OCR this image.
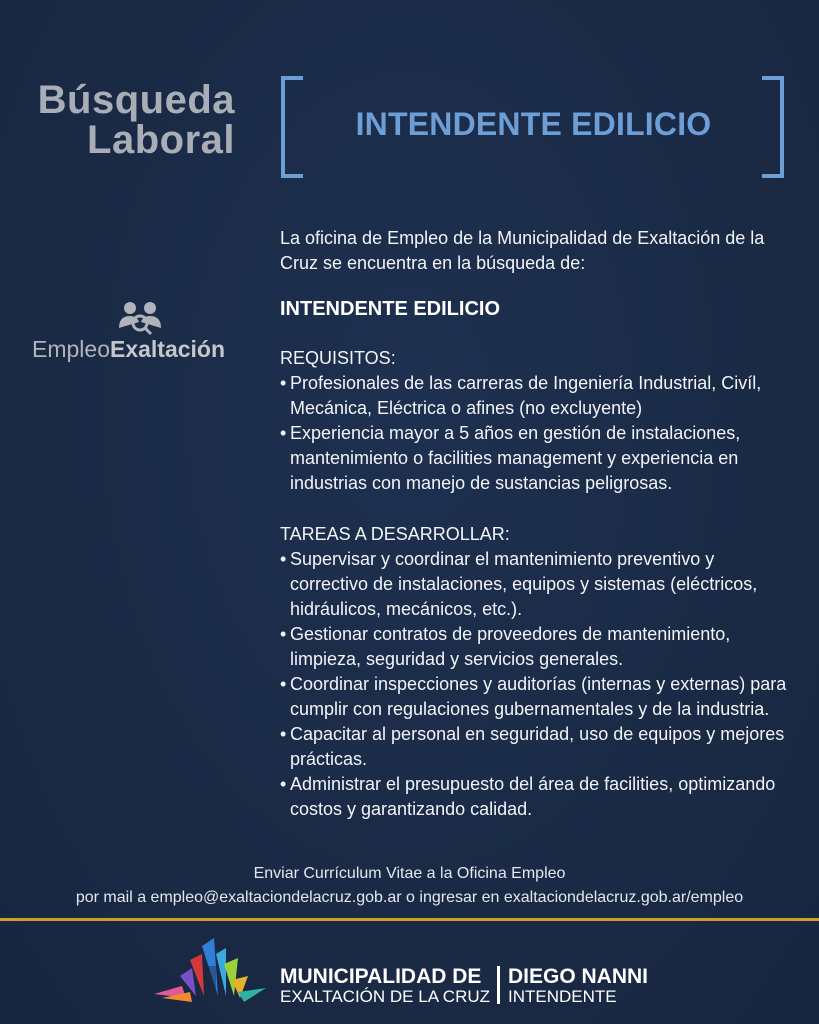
Búsqueda
Laboral	INTENDENTE EDILICIO
EmpleoExaltación

La oficina de Empleo de la Municipalidad de Exaltación de la Cruz se encuentra en la búsqueda de:

INTENDENTE EDILICIO

REQUISITOS:

• Profesionales de las carreras de Ingeniería Industrial, Civíl, Mecánica, Eléctrica o afines (no excluyente)
• Experiencia mayor a 5 años en gestión de instalaciones, mantenimiento o facilities management y experiencia en industrias con manejo de sustancias peligrosas.

TAREAS A DESARROLLAR:

• Supervisar y coordinar el mantenimiento preventivo y correctivo de instalaciones, equipos y sistemas (eléctricos, hidráulicos, mecánicos, etc.).
• Gestionar contratos de proveedores de mantenimiento, limpieza, seguridad y servicios generales.
• Coordinar inspecciones y auditorías (internas y externas) para cumplir con regulaciones gubernamentales y de la industria.
• Capacitar al personal en seguridad, uso de equipos y mejores prácticas.
• Administrar el presupuesto del área de facilities, optimizando costos y garantizando calidad.
Enviar Currículum Vitae a la Oficina Empleo
por mail a empleo@exaltaciondelacruz.gob.ar o ingresar en exaltaciondelacruz.gob.ar/empleo
MUNICIPALIDAD DE
EXALTACIÓN DE LA CRUZ
DIEGO NANNI
INTENDENTE
